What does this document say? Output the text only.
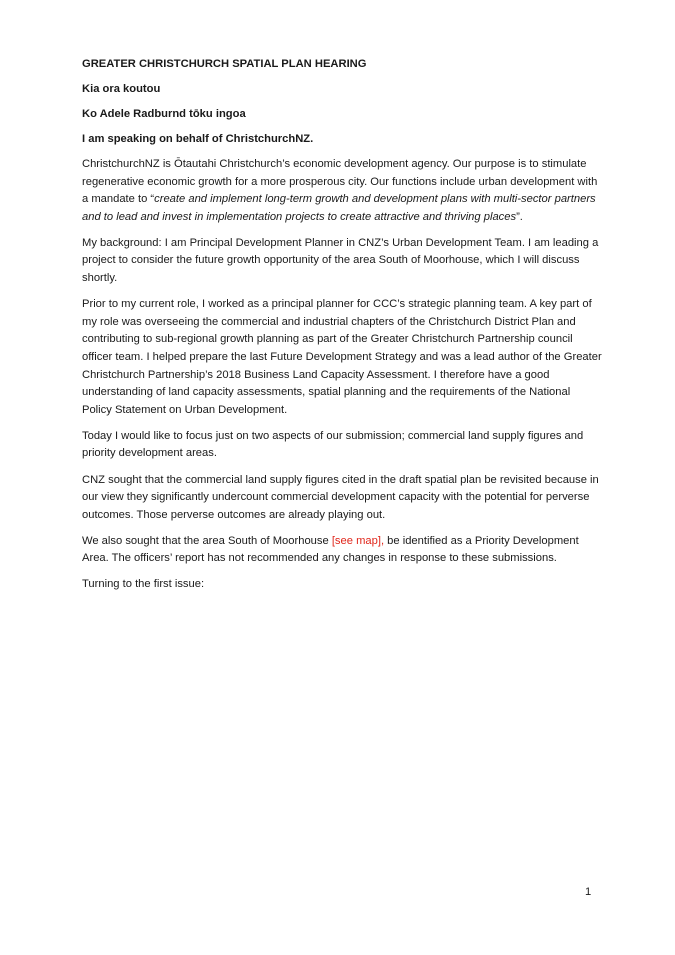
GREATER CHRISTCHURCH SPATIAL PLAN HEARING
Kia ora koutou
Ko Adele Radburnd tōku ingoa
I am speaking on behalf of ChristchurchNZ.

ChristchurchNZ is Ōtautahi Christchurch’s economic development agency. Our purpose is to stimulate regenerative economic growth for a more prosperous city. Our functions include urban development with a mandate to “create and implement long-term growth and development plans with multi-sector partners and to lead and invest in implementation projects to create attractive and thriving places”.

My background: I am Principal Development Planner in CNZ’s Urban Development Team. I am leading a project to consider the future growth opportunity of the area South of Moorhouse, which I will discuss shortly.

Prior to my current role, I worked as a principal planner for CCC’s strategic planning team. A key part of my role was overseeing the commercial and industrial chapters of the Christchurch District Plan and contributing to sub-regional growth planning as part of the Greater Christchurch Partnership council officer team. I helped prepare the last Future Development Strategy and was a lead author of the Greater Christchurch Partnership’s 2018 Business Land Capacity Assessment. I therefore have a good understanding of land capacity assessments, spatial planning and the requirements of the National Policy Statement on Urban Development.

Today I would like to focus just on two aspects of our submission; commercial land supply figures and priority development areas.

CNZ sought that the commercial land supply figures cited in the draft spatial plan be revisited because in our view they significantly undercount commercial development capacity with the potential for perverse outcomes. Those perverse outcomes are already playing out.

We also sought that the area South of Moorhouse [see map], be identified as a Priority Development Area. The officers’ report has not recommended any changes in response to these submissions.

Turning to the first issue:

1
